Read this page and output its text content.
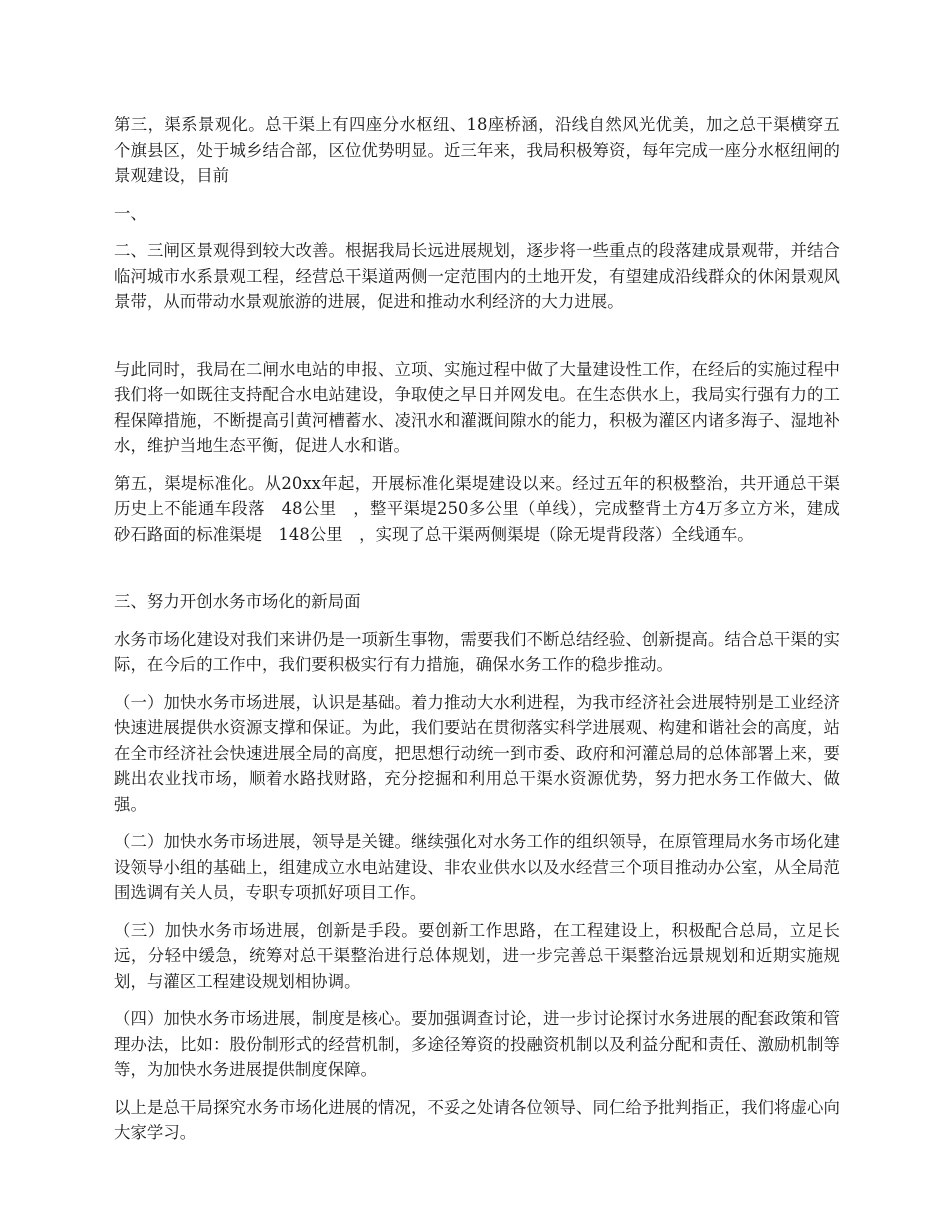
第三，渠系景观化。总干渠上有四座分水枢纽、18座桥涵，沿线自然风光优美，加之总干渠横穿五个旗县区，处于城乡结合部，区位优势明显。近三年来，我局积极筹资，每年完成一座分水枢纽闸的景观建设，目前

一、

二、三闸区景观得到较大改善。根据我局长远进展规划，逐步将一些重点的段落建成景观带，并结合临河城市水系景观工程，经营总干渠道两侧一定范围内的土地开发，有望建成沿线群众的休闲景观风景带，从而带动水景观旅游的进展，促进和推动水利经济的大力进展。

与此同时，我局在二闸水电站的申报、立项、实施过程中做了大量建设性工作，在经后的实施过程中我们将一如既往支持配合水电站建设，争取使之早日并网发电。在生态供水上，我局实行强有力的工程保障措施，不断提高引黄河槽蓄水、凌汛水和灌溉间隙水的能力，积极为灌区内诸多海子、湿地补水，维护当地生态平衡，促进人水和谐。

第五，渠堤标准化。从20xx年起，开展标准化渠堤建设以来。经过五年的积极整治，共开通总干渠历史上不能通车段落　48公里　，整平渠堤250多公里（单线），完成整背土方4万多立方米，建成砂石路面的标准渠堤　148公里　，实现了总干渠两侧渠堤（除无堤背段落）全线通车。

三、努力开创水务市场化的新局面

水务市场化建设对我们来讲仍是一项新生事物，需要我们不断总结经验、创新提高。结合总干渠的实际，在今后的工作中，我们要积极实行有力措施，确保水务工作的稳步推动。

（一）加快水务市场进展，认识是基础。着力推动大水利进程，为我市经济社会进展特别是工业经济快速进展提供水资源支撑和保证。为此，我们要站在贯彻落实科学进展观、构建和谐社会的高度，站在全市经济社会快速进展全局的高度，把思想行动统一到市委、政府和河灌总局的总体部署上来，要跳出农业找市场，顺着水路找财路，充分挖掘和利用总干渠水资源优势，努力把水务工作做大、做强。

（二）加快水务市场进展，领导是关键。继续强化对水务工作的组织领导，在原管理局水务市场化建设领导小组的基础上，组建成立水电站建设、非农业供水以及水经营三个项目推动办公室，从全局范围选调有关人员，专职专项抓好项目工作。

（三）加快水务市场进展，创新是手段。要创新工作思路，在工程建设上，积极配合总局，立足长远，分轻中缓急，统筹对总干渠整治进行总体规划，进一步完善总干渠整治远景规划和近期实施规划，与灌区工程建设规划相协调。

（四）加快水务市场进展，制度是核心。要加强调查讨论，进一步讨论探讨水务进展的配套政策和管理办法，比如：股份制形式的经营机制，多途径筹资的投融资机制以及利益分配和责任、激励机制等等，为加快水务进展提供制度保障。

以上是总干局探究水务市场化进展的情况，不妥之处请各位领导、同仁给予批判指正，我们将虚心向大家学习。
